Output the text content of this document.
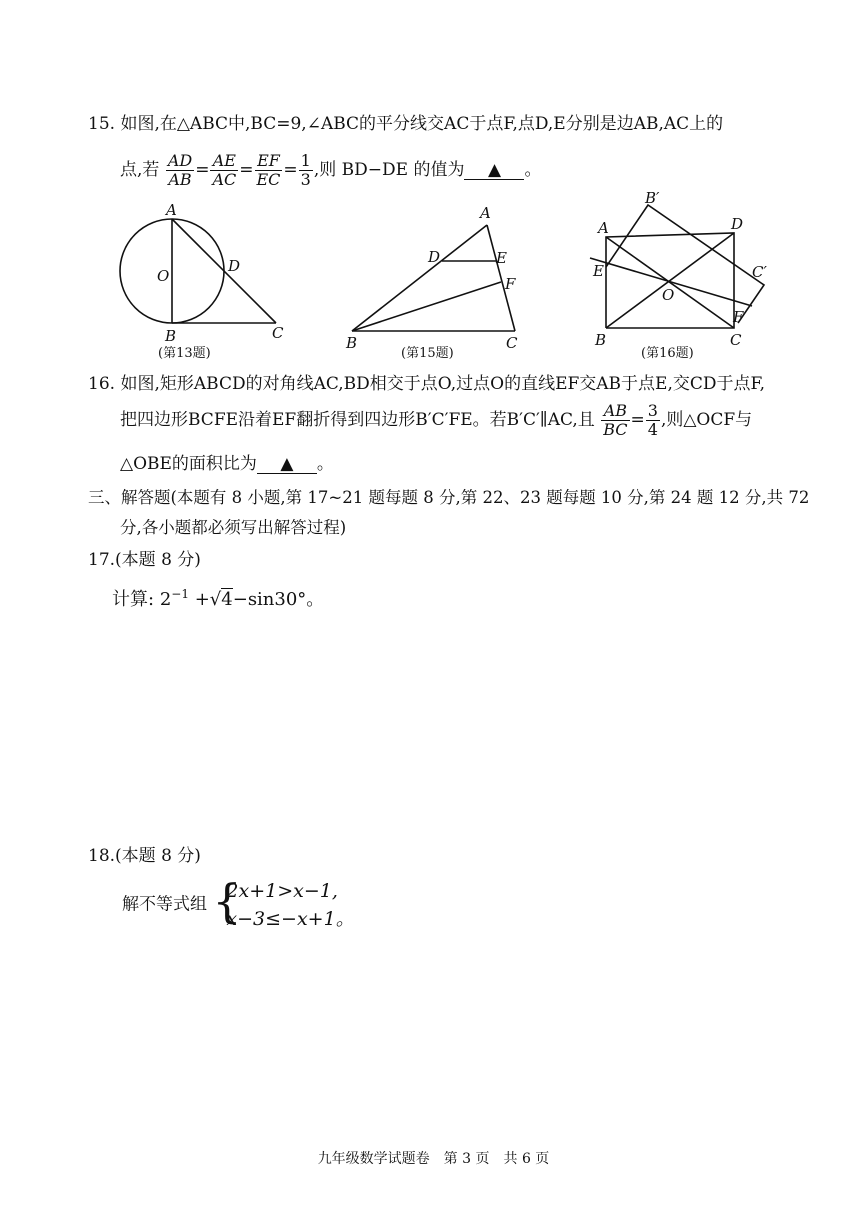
15. 如图,在△ABC中,BC=9,∠ABC的平分线交AC于点F,点D,E分别是边AB,AC上的
点,若 $\frac{AD}{AB} = \frac{AE}{AC} = \frac{EF}{EC} = \frac{1}{3}$ ,则 BD−DE 的值为 ▲ 。
A
O
D
B	C
(第13题)
A
D	E
F
B	C
(第15题)
B′
A	D
E	C′
O
F
B	C
(第16题)
16. 如图,矩形ABCD的对角线AC,BD相交于点O,过点O的直线EF交AB于点E,交CD于点F,
把四边形BCFE沿着EF翻折得到四边形B′C′FE。若B′C′∥AC,且 $\frac{AB}{BC} = \frac{3}{4}$ ,则△OCF与
△OBE的面积比为 ▲ 。
三、解答题(本题有 8 小题,第 17~21 题每题 8 分,第 22、23 题每题 10 分,第 24 题 12 分,共 72
分,各小题都必须写出解答过程)
17.(本题 8 分)
计算: $2^{-1} +√4-\sin 30^\circ$。
18.(本题 8 分)
解不等式组 {
2x+1>x−1,
x−3≤−x+1。
九年级数学试题卷　第 3 页　共 6 页
